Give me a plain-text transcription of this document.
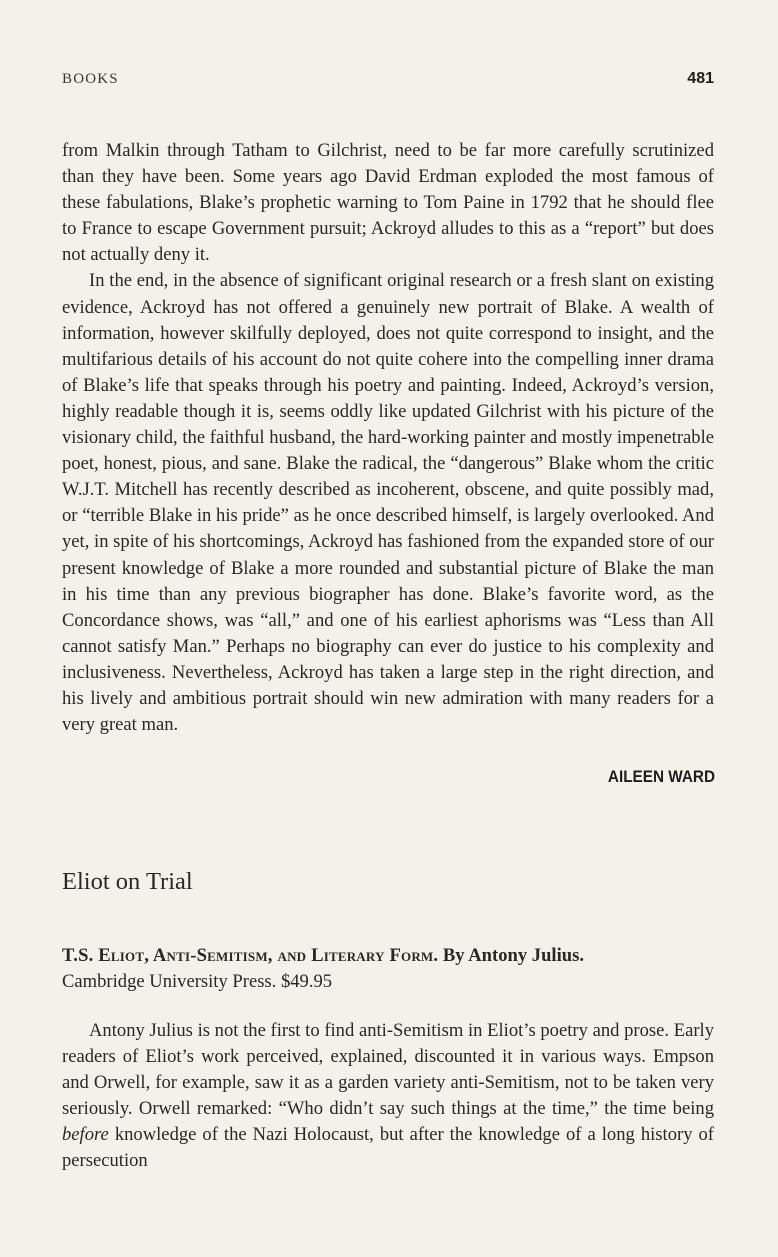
BOOKS	481

from Malkin through Tatham to Gilchrist, need to be far more carefully scrutinized than they have been. Some years ago David Erdman exploded the most famous of these fabulations, Blake’s prophetic warning to Tom Paine in 1792 that he should flee to France to escape Government pursuit; Ackroyd alludes to this as a “report” but does not actually deny it.

In the end, in the absence of significant original research or a fresh slant on existing evidence, Ackroyd has not offered a genuinely new portrait of Blake. A wealth of information, however skilfully deployed, does not quite correspond to insight, and the multifarious details of his account do not quite cohere into the compelling inner drama of Blake’s life that speaks through his poetry and painting. Indeed, Ackroyd’s version, highly readable though it is, seems oddly like updated Gilchrist with his picture of the visionary child, the faithful husband, the hard-working painter and mostly impenetrable poet, honest, pious, and sane. Blake the radical, the “dangerous” Blake whom the critic W.J.T. Mitchell has recently described as incoherent, obscene, and quite possibly mad, or “terrible Blake in his pride” as he once described himself, is largely overlooked. And yet, in spite of his shortcomings, Ackroyd has fashioned from the expanded store of our present knowledge of Blake a more rounded and substantial picture of Blake the man in his time than any previous biographer has done. Blake’s favorite word, as the Concordance shows, was “all,” and one of his earliest aphorisms was “Less than All cannot satisfy Man.” Perhaps no biography can ever do justice to his complexity and inclusiveness. Nevertheless, Ackroyd has taken a large step in the right direction, and his lively and ambitious portrait should win new admiration with many readers for a very great man.

AILEEN WARD
Eliot on Trial
T.S. Eliot, Anti-Semitism, and Literary Form. By Antony Julius.
Cambridge University Press. $49.95

Antony Julius is not the first to find anti-Semitism in Eliot’s poetry and prose. Early readers of Eliot’s work perceived, explained, discounted it in various ways. Empson and Orwell, for example, saw it as a garden variety anti-Semitism, not to be taken very seriously. Orwell remarked: “Who didn’t say such things at the time,” the time being before knowledge of the Nazi Holocaust, but after the knowledge of a long history of persecution
